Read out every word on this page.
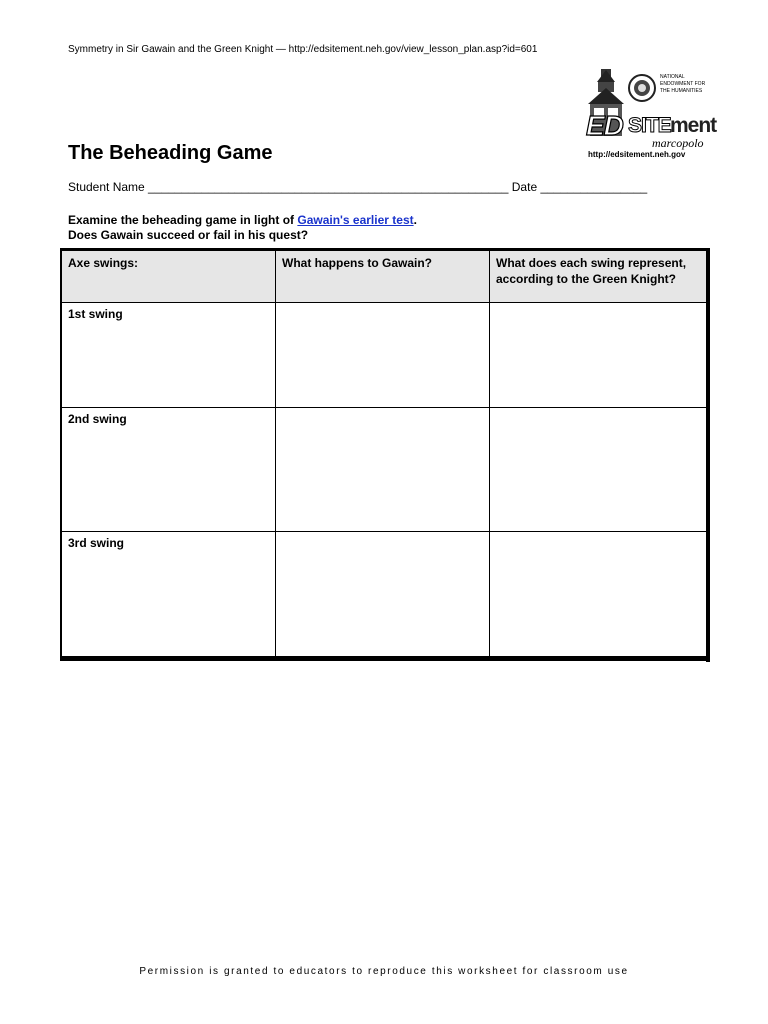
Symmetry in Sir Gawain and the Green Knight — http://edsitement.neh.gov/view_lesson_plan.asp?id=601
NATIONAL ENDOWMENT FOR THE HUMANITIES
ED SITE ment
marcopolo
http://edsitement.neh.gov
The Beheading Game
Student Name ______________________________________________________ Date ________________
Examine the beheading game in light of Gawain's earlier test.
Does Gawain succeed or fail in his quest?
Axe swings:	What happens to Gawain?	What does each swing represent, according to the Green Knight?
1st swing		
2nd swing		
3rd swing		
Permission is granted to educators to reproduce this worksheet for classroom use
